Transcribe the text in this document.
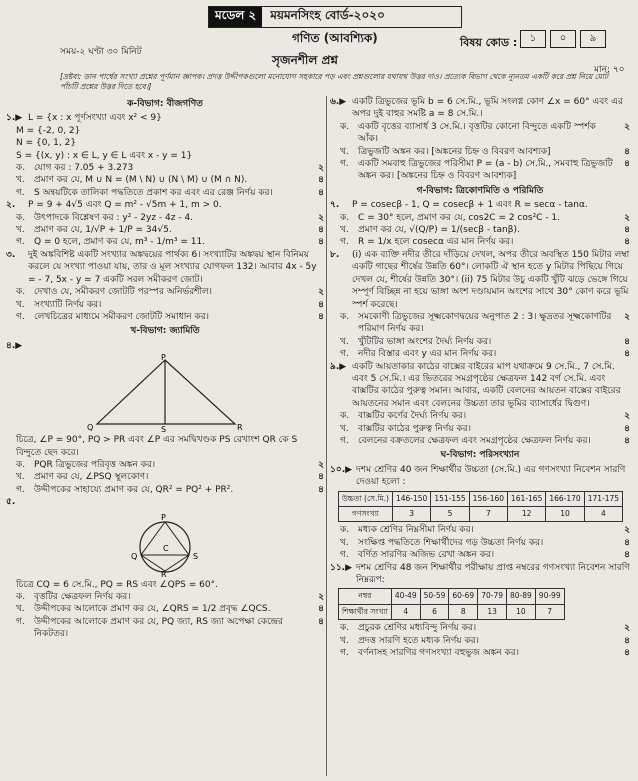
মডেল ২	ময়মনসিংহ বোর্ড-২০২০
গণিত (আবশ্যিক)	বিষয় কোড :	১	০	৯
সময়-২ ঘণ্টা ৩০ মিনিট
সৃজনশীল প্রশ্ন
মান: ৭০
[দ্রষ্টব্য: ডান পার্শ্বের সংখ্যা প্রশ্নের পূর্ণমান জ্ঞাপক। প্রদত্ত উদ্দীপকগুলো মনোযোগ সহকারে পড় এবং প্রশ্নগুলোর যথাযথ উত্তর দাও। প্রত্যেক বিভাগ থেকে ন্যূনতম একটি করে প্রশ্ন নিয়ে মোট পাঁচটি প্রশ্নের উত্তর দিতে হবে।]
ক-বিভাগ: বীজগণিত
১.▶ L = {x : x পূর্ণসংখ্যা এবং x² < 9}
M = {-2, 0, 2}
N = {0, 1, 2}
S = {(x, y) : x ∈ L, y ∈ L এবং x - y = 1}
ক. যোগ কর : 7.05 + 3.273	২
খ.	প্রমাণ কর যে, M ∪ N = (M \ N) ∪ (N \ M) ∪ (M ∩ N).	৪
গ.	S অন্বয়টিকে তালিকা পদ্ধতিতে প্রকাশ কর এবং এর রেঞ্জ নির্ণয় কর।	৪
২.	P = 9 + 4√5 এবং Q = m² - √5m + 1, m > 0.
ক. উৎপাদকে বিশ্লেষণ কর : y² - 2yz - 4z - 4.	২
খ.	প্রমাণ কর যে, 1/√P + 1/P = 34√5.	৪
গ.	Q = 0 হলে, প্রমাণ কর যে, m³ - 1/m³ = 11.	৪
৩.	দুই অঙ্কবিশিষ্ট একটি সংখ্যার অঙ্কদ্বয়ের পার্থক্য 6। সংখ্যাটির অঙ্কদ্বয় স্থান বিনিময় করলে যে সংখ্যা পাওয়া যায়, তার ও মূল সংখ্যার যোগফল 132। আবার 4x - 5y = - 7, 5x - y = 7 একটি সরল সমীকরণ জোট।
ক. দেখাও যে, সমীকরণ জোটটি পরস্পর অনির্ভরশীল।	২
খ.	সংখ্যাটি নির্ণয় কর।	৪
গ.	লেখচিত্রের মাধ্যমে সমীকরণ জোটটি সমাধান কর।	৪
খ-বিভাগ: জ্যামিতি
৪.▶
P
Q	S	R
চিত্রে, ∠P = 90°, PQ > PR এবং ∠P এর সমদ্বিখণ্ডক PS রেখাংশ QR কে S বিন্দুতে ছেদ করে।
ক. PQR ত্রিভুজের পরিবৃত্ত অঙ্কন কর।	২
খ.	প্রমাণ কর যে, ∠PSQ স্থূলকোণ।	৪
গ.	উদ্দীপকের সাহায্যে প্রমাণ কর যে, QR² = PQ² + PR².	৪
৫.
P
Q
C
S
R
চিত্রে CQ = 6 সে.মি., PQ = RS এবং ∠QPS = 60°.
ক. বৃত্তটির ক্ষেত্রফল নির্ণয় কর।	২
খ.	উদ্দীপকের আলোকে প্রমাণ কর যে, ∠QRS = 1/2 প্রবৃদ্ধ ∠QCS.	৪
গ.	উদ্দীপকের আলোকে প্রমাণ কর যে, PQ জ্যা, RS জ্যা অপেক্ষা কেন্দ্রের নিকটতর।
৪
৬.▶ একটি ত্রিভুজের ভূমি b = 6 সে.মি., ভূমি সংলগ্ন কোণ ∠x = 60° এবং এর অপর দুই বাহুর সমষ্টি a = 8 সে.মি.।
ক. একটি বৃত্তের ব্যাসার্ধ 3 সে.মি.। বৃত্তটির কোনো বিন্দুতে একটি স্পর্শক আঁক।
২
খ.	ত্রিভুজটি অঙ্কন কর। [অঙ্কনের চিহ্ন ও বিবরণ আবশ্যক]	৪
গ.	একটি সমবাহু ত্রিভুজের পরিসীমা P = (a - b) সে.মি., সমবাহু ত্রিভুজটি অঙ্কন কর। [অঙ্কনের চিহ্ন ও বিবরণ আবশ্যক]
৪
গ-বিভাগ: ত্রিকোণমিতি ও পরিমিতি
৭.	P = cosecβ - 1, Q = cosecβ + 1 এবং R = secα - tanα.
ক. C = 30° হলে, প্রমাণ কর যে, cos2C = 2 cos²C - 1.	২
খ.	প্রমাণ কর যে, √(Q/P) = 1/(secβ - tanβ).	৪
গ.	R = 1/x হলে cosecα এর মান নির্ণয় কর।	৪
৮.	(i) এক ব্যক্তি নদীর তীরে দাঁড়িয়ে দেখল, অপর তীরে অবস্থিত 150 মিটার লম্বা একটি গাছের শীর্ষের উন্নতি 60°। লোকটি ঐ স্থান হতে y মিটার পিছিয়ে গিয়ে দেখল যে, শীর্ষের উন্নতি 30°। (ii) 75 মিটার উচু একটি খুঁটি ঝড়ে ভেঙ্গে গিয়ে সম্পূর্ণ বিচ্ছিন্ন না হয়ে ভাঙ্গা অংশ দণ্ডায়মান অংশের সাথে 30° কোণ করে ভূমি স্পর্শ করেছে।
ক. সমকোণী ত্রিভুজের সূক্ষ্মকোণদ্বয়ের অনুপাত 2 : 3। ক্ষুদ্রতর সূক্ষ্মকোণটির পরিমাণ নির্ণয় কর।
২
খ.	খুঁটিটির ভাঙ্গা অংশের দৈর্ঘ্য নির্ণয় কর।	৪
গ.	নদীর বিস্তার এবং y এর মান নির্ণয় কর।	৪
৯.▶ একটি আয়তাকার কাঠের বাক্সের বাইরের মাপ যথাক্রমে 9 সে.মি., 7 সে.মি. এবং 5 সে.মি.। এর ভিতরের সমগ্রপৃষ্ঠের ক্ষেত্রফল 142 বর্গ সে.মি. এবং বাক্সটির কাঠের পুরুত্ব সমান। আবার, একটি বেলনের আয়তন বাক্সের বাইরের আয়তনের সমান এবং বেলনের উচ্চতা তার ভূমির ব্যাসার্ধের দ্বিগুণ।
ক. বাক্সটির কর্ণের দৈর্ঘ্য নির্ণয় কর।	২
খ.	বাক্সটির কাঠের পুরুত্ব নির্ণয় কর।	৪
গ.	বেলনের বক্রতলের ক্ষেত্রফল এবং সমগ্রপৃষ্ঠের ক্ষেত্রফল নির্ণয় কর।	৪
ঘ-বিভাগ: পরিসংখ্যান
১০.▶ দশম শ্রেণির 40 জন শিক্ষার্থীর উচ্চতা (সে.মি.) এর গণসংখ্যা নিবেশন সারণি দেওয়া হলো :
উচ্চতা (সে.মি.)	146-150	151-155	156-160	161-165	166-170	171-175
গণসংখ্যা	3	5	7	12	10	4
ক. মধ্যক শ্রেণির নিম্নসীমা নির্ণয় কর।	২
খ.	সংক্ষিপ্ত পদ্ধতিতে শিক্ষার্থীদের গড় উচ্চতা নির্ণয় কর।	৪
গ.	বর্ণিত সারণির অজিভ রেখা অঙ্কন কর।	৪
১১.▶ দশম শ্রেণির 48 জন শিক্ষার্থীর পরীক্ষায় প্রাপ্ত নম্বরের গণসংখ্যা নিবেশন সারণি নিম্নরূপ:
নম্বর	40-49	50-59	60-69	70-79	80-89	90-99
শিক্ষার্থীর সংখ্যা	4	6	8	13	10	7
ক. প্রচুরক শ্রেণির মধ্যবিন্দু নির্ণয় কর।	২
খ.	প্রদত্ত সারণি হতে মধ্যক নির্ণয় কর।	৪
গ.	বর্ণনাসহ সারণির গণসংখ্যা বহুভুজ অঙ্কন কর।	৪
